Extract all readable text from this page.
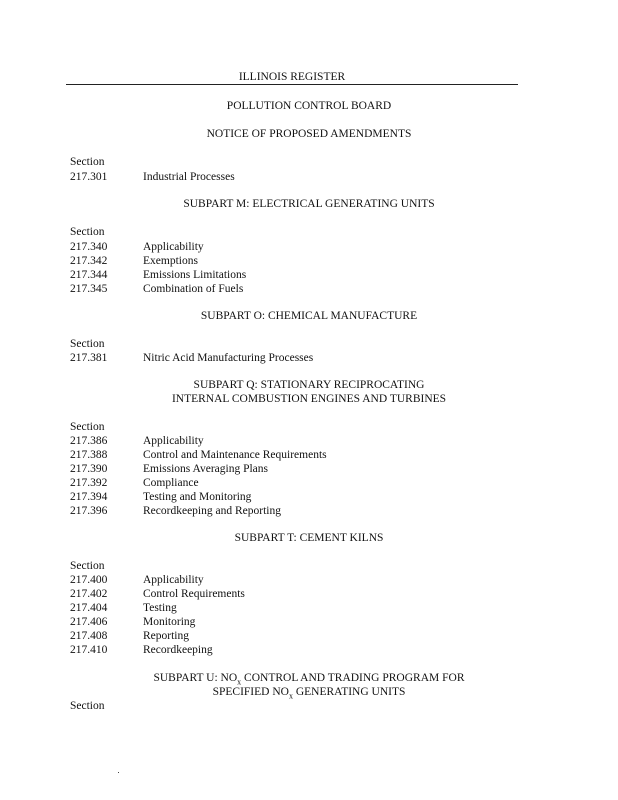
ILLINOIS REGISTER
POLLUTION CONTROL BOARD
NOTICE OF PROPOSED AMENDMENTS
Section
217.301	Industrial Processes
SUBPART M: ELECTRICAL GENERATING UNITS
Section
217.340	Applicability
217.342	Exemptions
217.344	Emissions Limitations
217.345	Combination of Fuels
SUBPART O: CHEMICAL MANUFACTURE
Section
217.381	Nitric Acid Manufacturing Processes
SUBPART Q: STATIONARY RECIPROCATING
INTERNAL COMBUSTION ENGINES AND TURBINES
Section
217.386	Applicability
217.388	Control and Maintenance Requirements
217.390	Emissions Averaging Plans
217.392	Compliance
217.394	Testing and Monitoring
217.396	Recordkeeping and Reporting
SUBPART T: CEMENT KILNS
Section
217.400	Applicability
217.402	Control Requirements
217.404	Testing
217.406	Monitoring
217.408	Reporting
217.410	Recordkeeping
SUBPART U: $NO_x$ CONTROL AND TRADING PROGRAM FOR
SPECIFIED $NO_x$ GENERATING UNITS
Section
